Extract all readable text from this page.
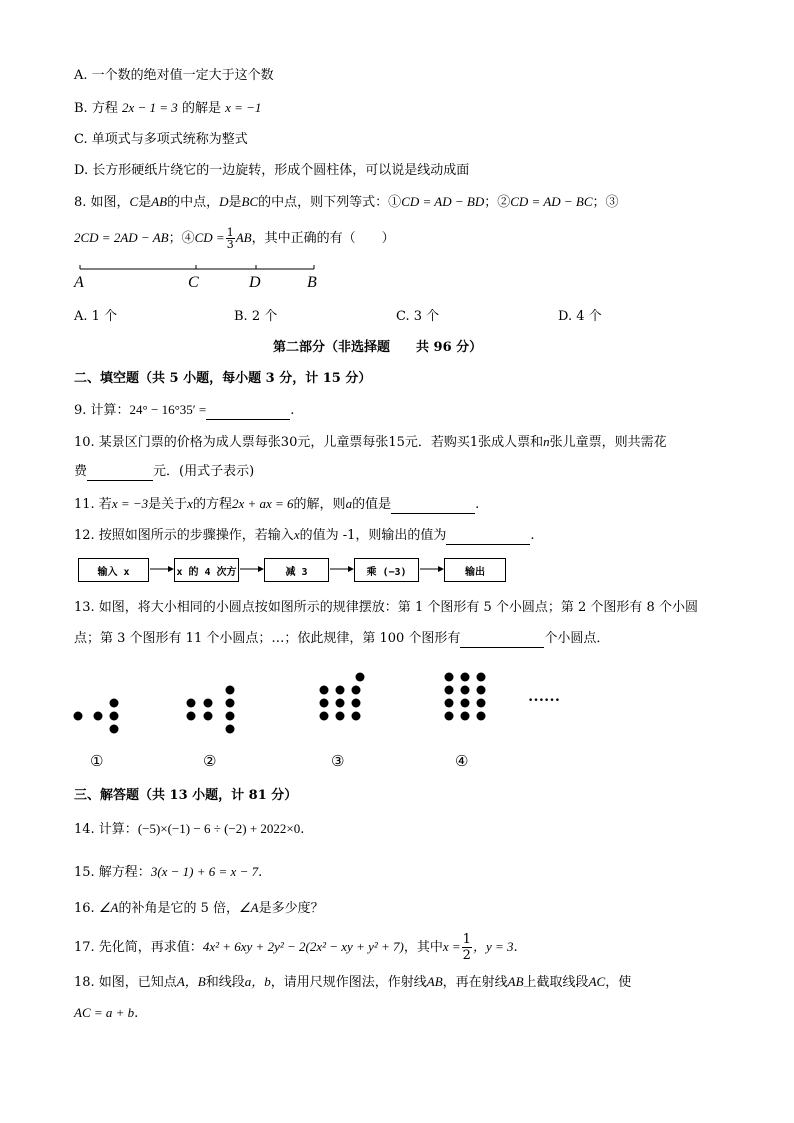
A. 一个数的绝对值一定大于这个数
B. 方程 2x − 1 = 3 的解是 x = −1
C. 单项式与多项式统称为整式
D. 长方形硬纸片绕它的一边旋转，形成个圆柱体，可以说是线动成面
8. 如图，C是AB的中点，D是BC的中点，则下列等式：①CD = AD − BD；②CD = AD − BC；③
2CD = 2AD − AB；④CD = $\frac{1}{3}$ AB，其中正确的有（　　）
A	C	D	B
A. 1 个	B. 2 个	C. 3 个	D. 4 个
第二部分（非选择题　　共 96 分）
二、填空题（共 5 小题，每小题 3 分，计 15 分）
9. 计算：24° − 16°35′ =	.
10. 某景区门票的价格为成人票每张30元，儿童票每张15元．若购买1张成人票和n张儿童票，则共需花
费	元．(用式子表示)
11. 若x = −3是关于x的方程2x + ax = 6的解，则a的值是	.
12. 按照如图所示的步骤操作，若输入x的值为 -1，则输出的值为	.
输入 x	x 的 4 次方	减 3	乘 (−3)	输出
13. 如图，将大小相同的小圆点按如图所示的规律摆放：第 1 个图形有 5 个小圆点；第 2 个图形有 8 个小圆
点；第 3 个图形有 11 个小圆点；…；依此规律，第 100 个图形有	个小圆点．
……
①	②	③	④
三、解答题（共 13 小题，计 81 分）
14. 计算：(−5)×(−1) − 6 ÷ (−2) + 2022×0.
15. 解方程：3(x − 1) + 6 = x − 7.
16. ∠A的补角是它的 5 倍，∠A是多少度？
17. 先化简，再求值：4x² + 6xy + 2y² − 2(2x² − xy + y² + 7)，其中$x = \frac{1}{2}$ ，y = 3.
18. 如图，已知点A，B和线段a，b，请用尺规作图法，作射线AB，再在射线AB上截取线段AC，使
AC = a + b.
